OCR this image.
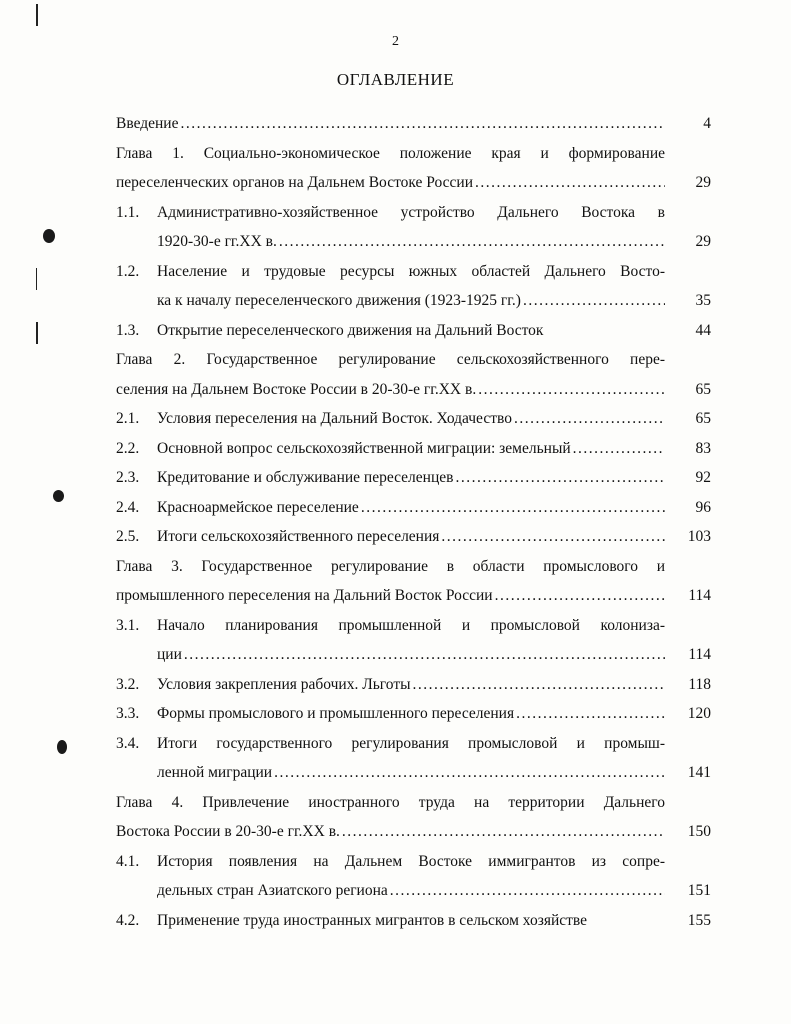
2
ОГЛАВЛЕНИЕ
Введение .....	4
Глава 1. Социально-экономическое положение края и формирование
переселенческих органов на Дальнем Востоке России .....	29
1.1. Административно-хозяйственное устройство Дальнего Востока в
1920-30-е гг.XX в. .....	29
1.2. Население и трудовые ресурсы южных областей Дальнего Восто-
ка к началу переселенческого движения (1923-1925 гг.) .....	35
1.3. Открытие переселенческого движения на Дальний Восток	44
Глава 2. Государственное регулирование сельскохозяйственного пере-
селения на Дальнем Востоке России в 20-30-е гг.XX в. .....	65
2.1. Условия переселения на Дальний Восток. Ходачество .....	65
2.2. Основной вопрос сельскохозяйственной миграции: земельный .....	83
2.3. Кредитование и обслуживание переселенцев .....	92
2.4. Красноармейское переселение .....	96
2.5. Итоги сельскохозяйственного переселения .....	103
Глава 3. Государственное регулирование в области промыслового и
промышленного переселения на Дальний Восток России .....	114
3.1. Начало планирования промышленной и промысловой колониза-
ции .....	114
3.2. Условия закрепления рабочих. Льготы .....	118
3.3. Формы промыслового и промышленного переселения .....	120
3.4. Итоги государственного регулирования промысловой и промыш-
ленной миграции .....	141
Глава 4. Привлечение иностранного труда на территории Дальнего
Востока России в 20-30-е гг.XX в. .....	150
4.1. История появления на Дальнем Востоке иммигрантов из сопре-
дельных стран Азиатского региона .....	151
4.2. Применение труда иностранных мигрантов в сельском хозяйстве	155
